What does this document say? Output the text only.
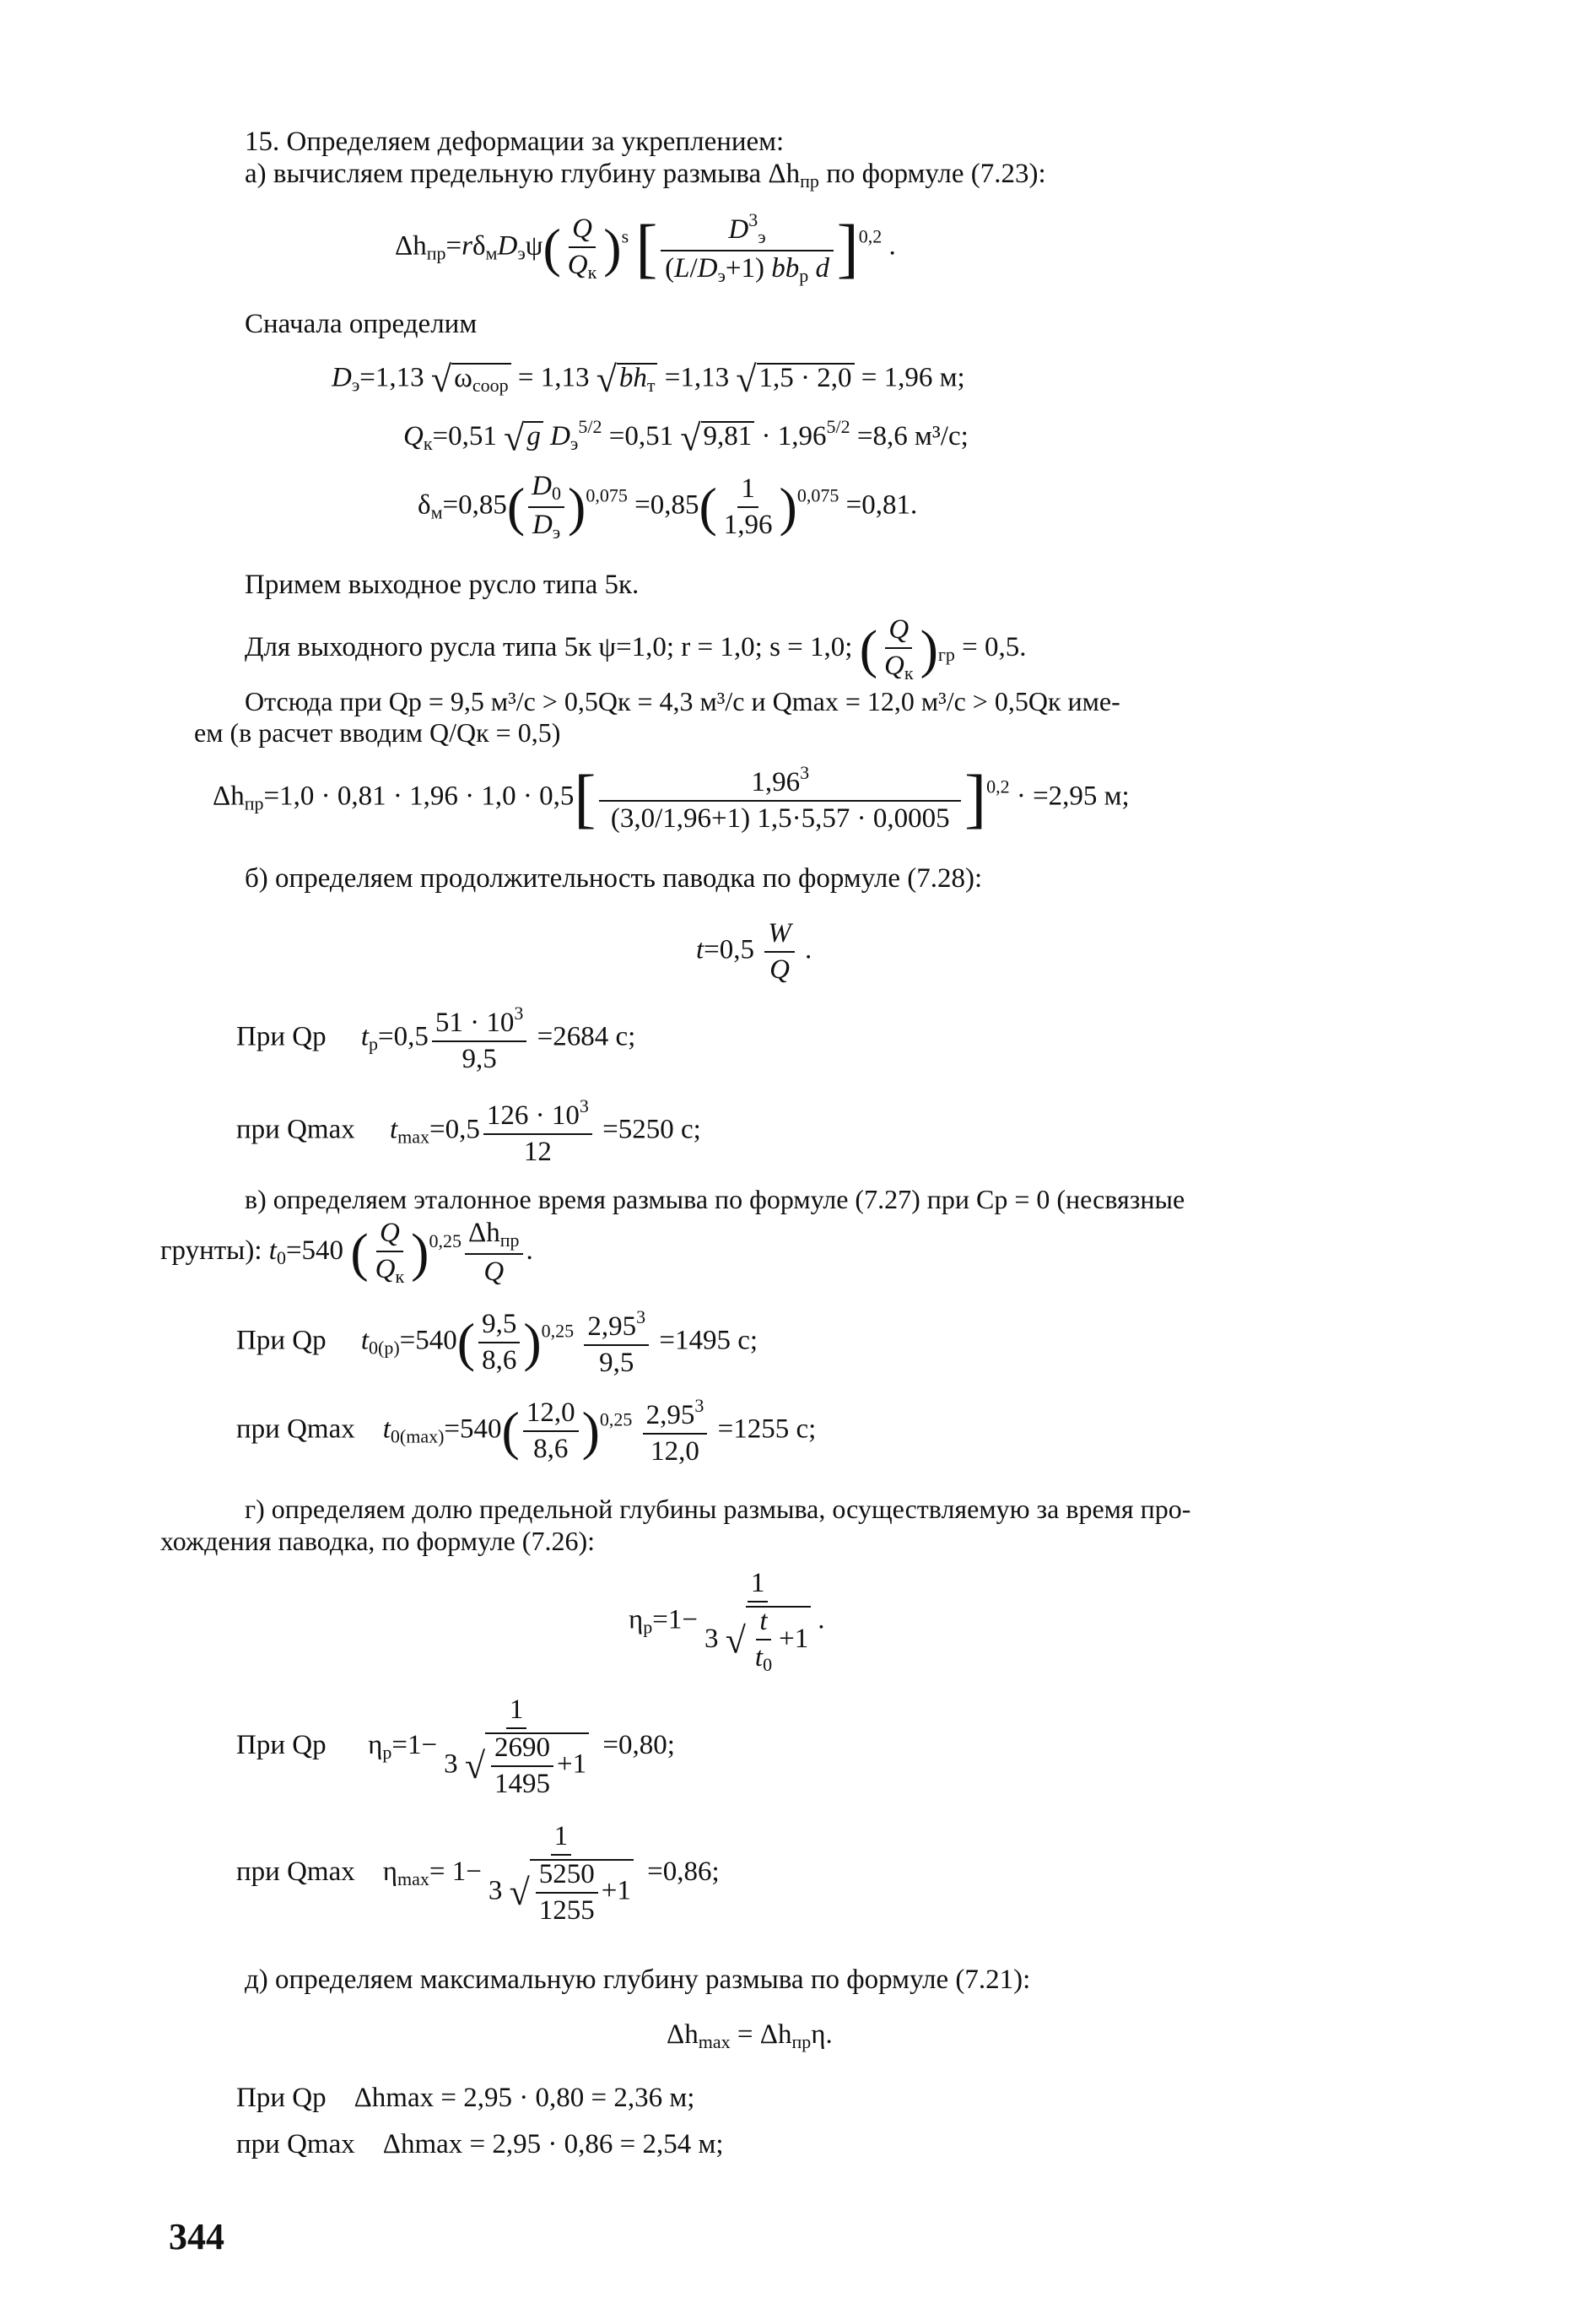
15. Определяем деформации за укреплением:
а) вычисляем предельную глубину размыва $\Delta h_{пр}$ по формуле (7.23):
$\Delta h_{пр}=r\delta_мD_э\psi( \frac{Q}{Q_к} )^s$ [ $\frac{D^3_э}{(L/D_э+1) bb_р d} ]^{0,2}$ .
Сначала определим
$D_э=1,13$ $√\omega_{coop} = 1,13$ $√bh_т =1,13$ √1,5 · 2,0 = 1,96 м;
$Q_к=0,51$ √g $D_э^{5/2} =0,51$ $√9,81 \cdot 1,96^{5/2} =8,6$ м³/с;
$\delta_м=0,85( \frac{D_0}{D_э} )^{0,075} =0,85( \frac{1}{1,96} )^{0,075} =0,81$.
Примем выходное русло типа 5к.
Для выходного русла типа 5к ψ=1,0; r = 1,0; s = 1,0; ( $\frac{Q}{Q_к} )_{гр} = 0,5$.
Отсюда при Qр = 9,5 м³/с > 0,5Qк = 4,3 м³/с и Qmax = 12,0 м³/с > 0,5Qк име-
ем (в расчет вводим Q/Qк = 0,5)
$\Delta h_{пр}=1,0 \cdot 0,81 \cdot 1,96 \cdot 1,0 \cdot 0,5[ \frac{1,96^3}{(3,0/1,96+1) 1,5\cdot 5,57 \cdot 0,0005} ]^{0,2} \cdot =2,95$ м;
б) определяем продолжительность паводка по формуле (7.28):
$t=0,5 \frac{W}{Q}$ .
При Qр $t_р=0,5 \frac{51 \cdot 10^3}{9,5} =2684$ с;
при Qmax $t_{max}=0,5 \frac{126 \cdot 10^3}{12} =5250$ с;
в) определяем эталонное время размыва по формуле (7.27) при Cр = 0 (несвязные
грунты): $t_0=540$ ( $\frac{Q}{Q_к} )^{0,25} \frac{\Delta h_{пр}}{Q}$ .
При Qр $t_{0(р)}=540( \frac{9,5}{8,6} )^{0,25} \frac{2,95^3}{9,5} =1495$ с;
при Qmax $t_{0(max)}=540( \frac{12,0}{8,6} )^{0,25} \frac{2,95^3}{12,0} =1255$ с;
г) определяем долю предельной глубины размыва, осуществляемую за время про-
хождения паводка, по формуле (7.26):
$\eta_р=1- \frac{1}{3 √ \frac{t}{t_0} +1}$ .
При Qр      $\eta_р=1- \frac{1}{3 √ \frac{2690}{1495} +1} =0,80$;
при Qmax    $\eta_{max}= 1- \frac{1}{3 √ \frac{5250}{1255} +1} =0,86$;
д) определяем максимальную глубину размыва по формуле (7.21):
$\Delta h_{max} = \Delta h_{пр}\eta$.
При Qр Δhmax = 2,95 · 0,80 = 2,36 м;
при Qmax Δhmax = 2,95 · 0,86 = 2,54 м;
344
